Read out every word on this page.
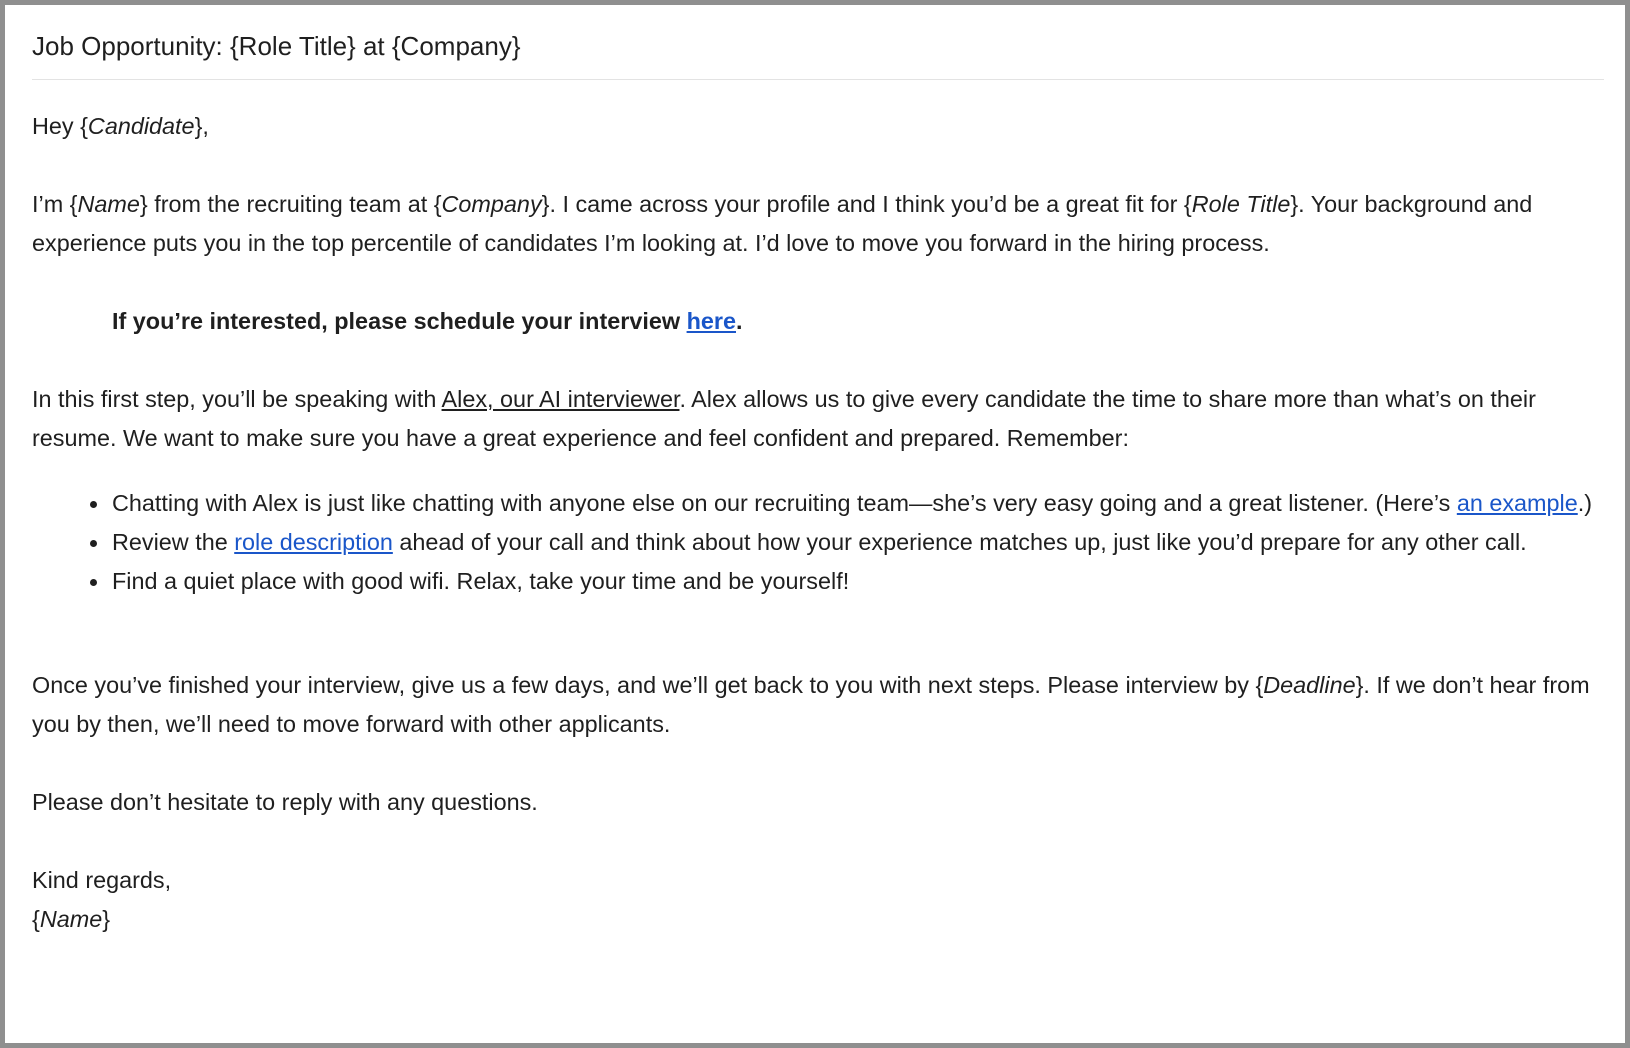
Job Opportunity: {Role Title} at {Company}

Hey {Candidate},

I’m {Name} from the recruiting team at {Company}. I came across your profile and I think you’d be a great fit for {Role Title}. Your background and experience puts you in the top percentile of candidates I’m looking at. I’d love to move you forward in the hiring process.

If you’re interested, please schedule your interview here.

In this first step, you’ll be speaking with Alex, our AI interviewer. Alex allows us to give every candidate the time to share more than what’s on their resume. We want to make sure you have a great experience and feel confident and prepared. Remember:

Chatting with Alex is just like chatting with anyone else on our recruiting team—she’s very easy going and a great listener. (Here’s an example.)
Review the role description ahead of your call and think about how your experience matches up, just like you’d prepare for any other call.
Find a quiet place with good wifi. Relax, take your time and be yourself!

Once you’ve finished your interview, give us a few days, and we’ll get back to you with next steps. Please interview by {Deadline}. If we don’t hear from you by then, we’ll need to move forward with other applicants.

Please don’t hesitate to reply with any questions.

Kind regards,

{Name}
